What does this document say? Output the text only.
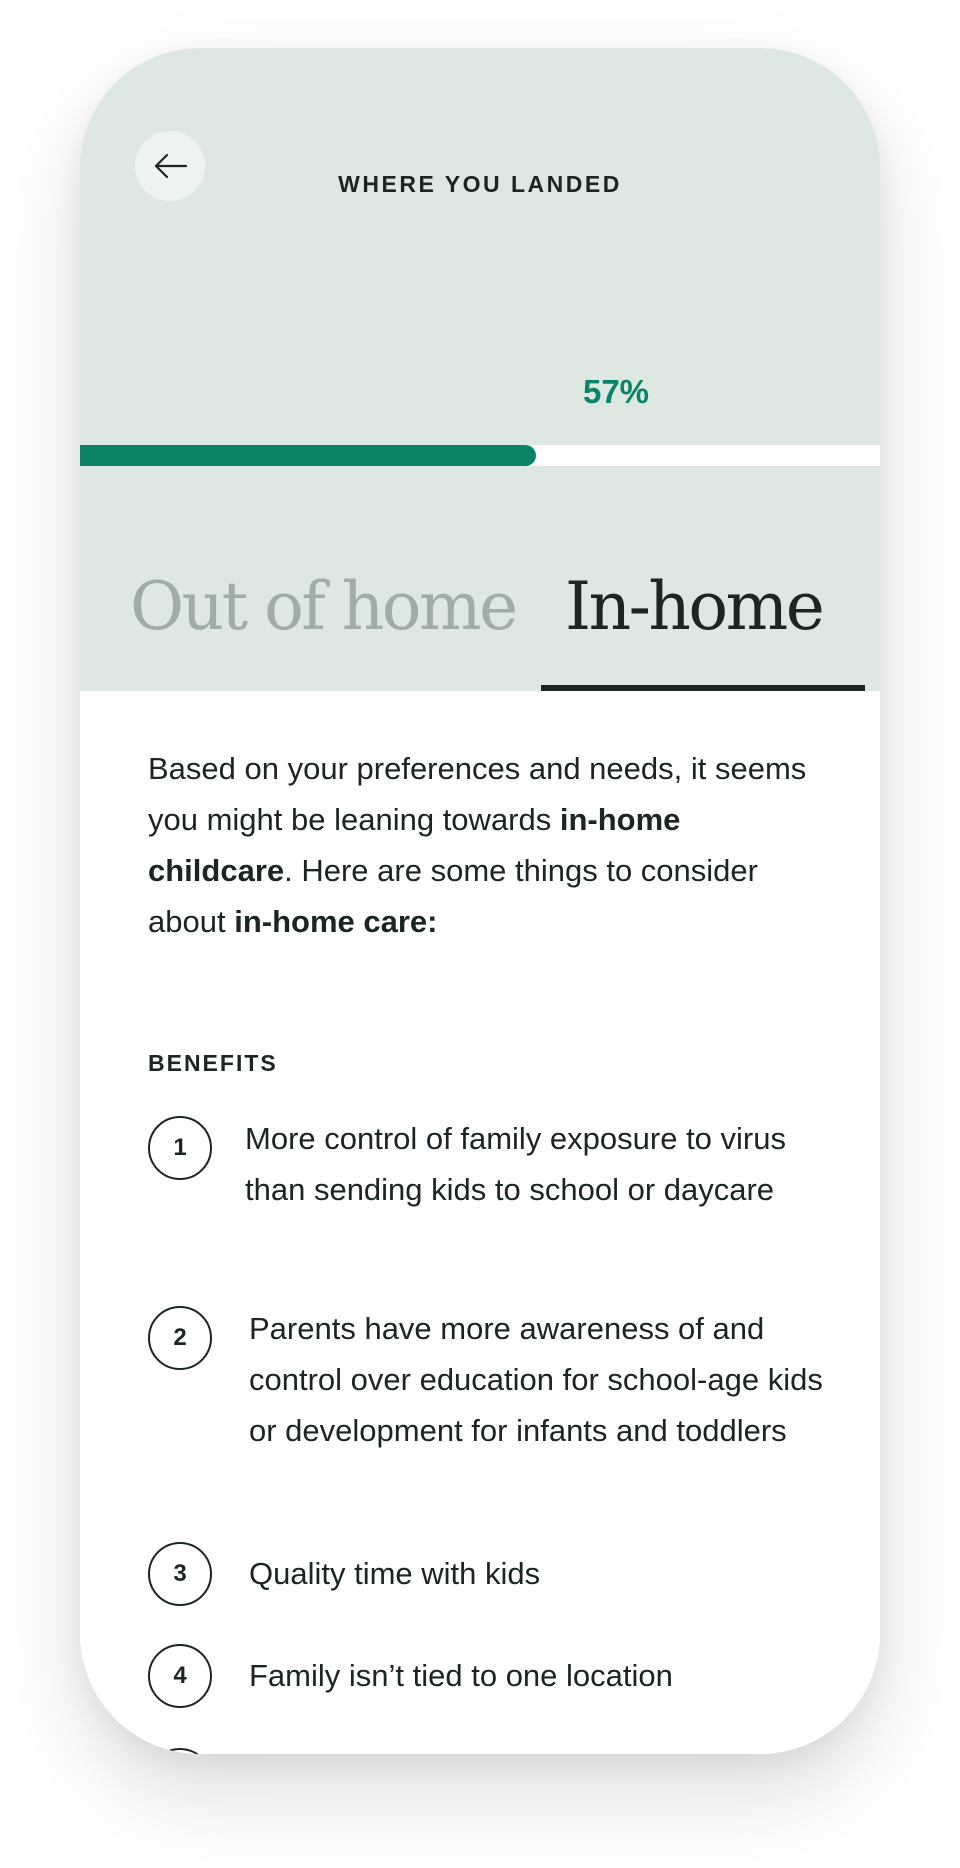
WHERE YOU LANDED
57%
Out of home In-home

Based on your preferences and needs, it seems you might be leaning towards in-home childcare. Here are some things to consider about in-home care:

BENEFITS
1	More control of family exposure to virus than sending kids to school or daycare
2	Parents have more awareness of and control over education for school-age kids or development for infants and toddlers
3	Quality time with kids
4	Family isn’t tied to one location
